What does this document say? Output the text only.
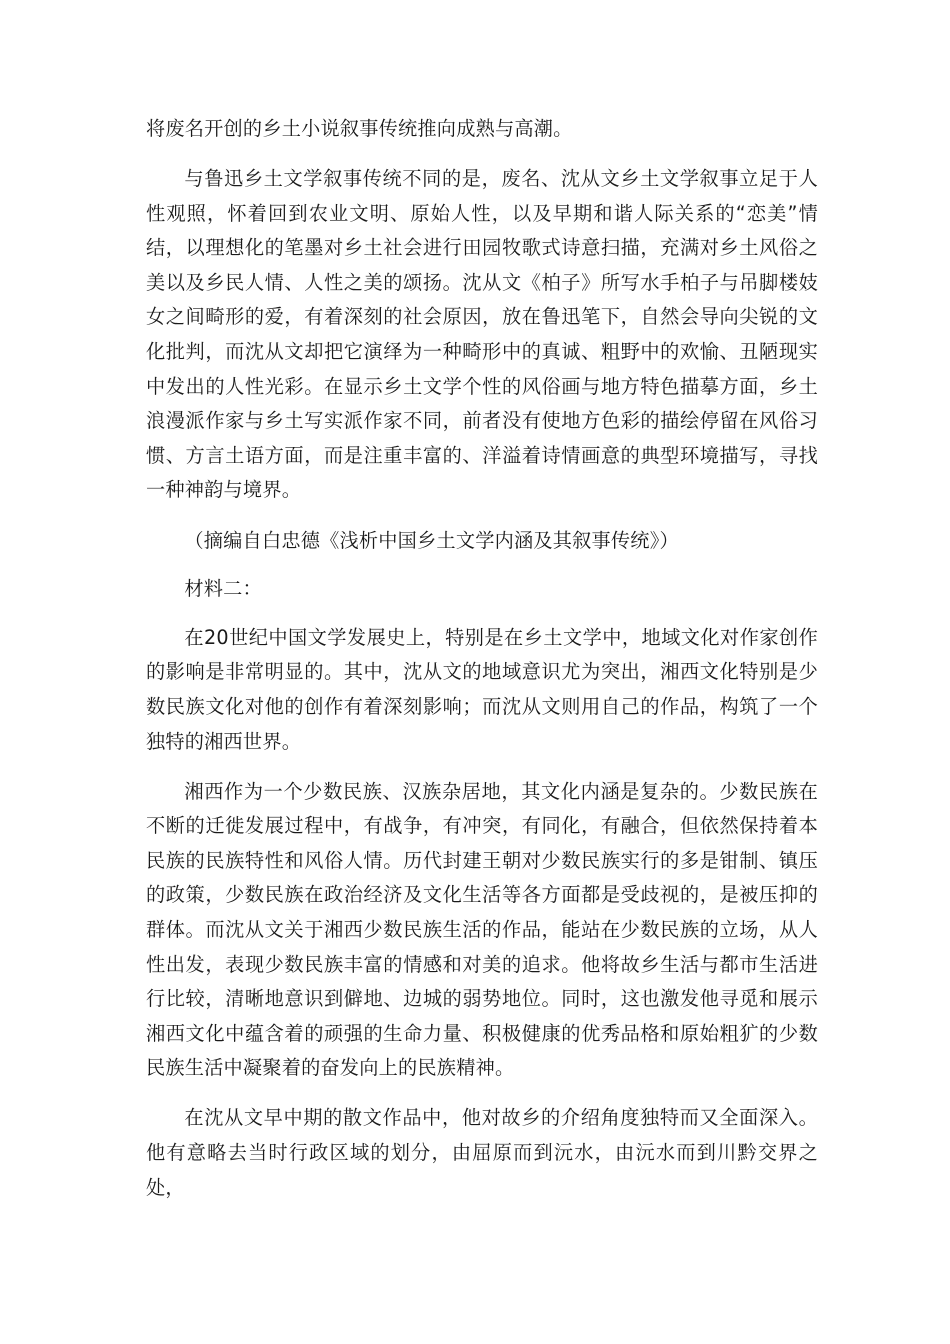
将废名开创的乡土小说叙事传统推向成熟与高潮。

与鲁迅乡土文学叙事传统不同的是，废名、沈从文乡土文学叙事立足于人性观照，怀着回到农业文明、原始人性，以及早期和谐人际关系的“恋美”情结，以理想化的笔墨对乡土社会进行田园牧歌式诗意扫描，充满对乡土风俗之美以及乡民人情、人性之美的颂扬。沈从文《柏子》所写水手柏子与吊脚楼妓女之间畸形的爱，有着深刻的社会原因，放在鲁迅笔下，自然会导向尖锐的文化批判，而沈从文却把它演绎为一种畸形中的真诚、粗野中的欢愉、丑陋现实中发出的人性光彩。在显示乡土文学个性的风俗画与地方特色描摹方面，乡土浪漫派作家与乡土写实派作家不同，前者没有使地方色彩的描绘停留在风俗习惯、方言土语方面，而是注重丰富的、洋溢着诗情画意的典型环境描写，寻找一种神韵与境界。

（摘编自白忠德《浅析中国乡土文学内涵及其叙事传统》）

材料二：

在20世纪中国文学发展史上，特别是在乡土文学中，地域文化对作家创作的影响是非常明显的。其中，沈从文的地域意识尤为突出，湘西文化特别是少数民族文化对他的创作有着深刻影响；而沈从文则用自己的作品，构筑了一个独特的湘西世界。

湘西作为一个少数民族、汉族杂居地，其文化内涵是复杂的。少数民族在不断的迁徙发展过程中，有战争，有冲突，有同化，有融合，但依然保持着本民族的民族特性和风俗人情。历代封建王朝对少数民族实行的多是钳制、镇压的政策，少数民族在政治经济及文化生活等各方面都是受歧视的，是被压抑的群体。而沈从文关于湘西少数民族生活的作品，能站在少数民族的立场，从人性出发，表现少数民族丰富的情感和对美的追求。他将故乡生活与都市生活进行比较，清晰地意识到僻地、边城的弱势地位。同时，这也激发他寻觅和展示湘西文化中蕴含着的顽强的生命力量、积极健康的优秀品格和原始粗犷的少数民族生活中凝聚着的奋发向上的民族精神。

在沈从文早中期的散文作品中，他对故乡的介绍角度独特而又全面深入。他有意略去当时行政区域的划分，由屈原而到沅水，由沅水而到川黔交界之处，
